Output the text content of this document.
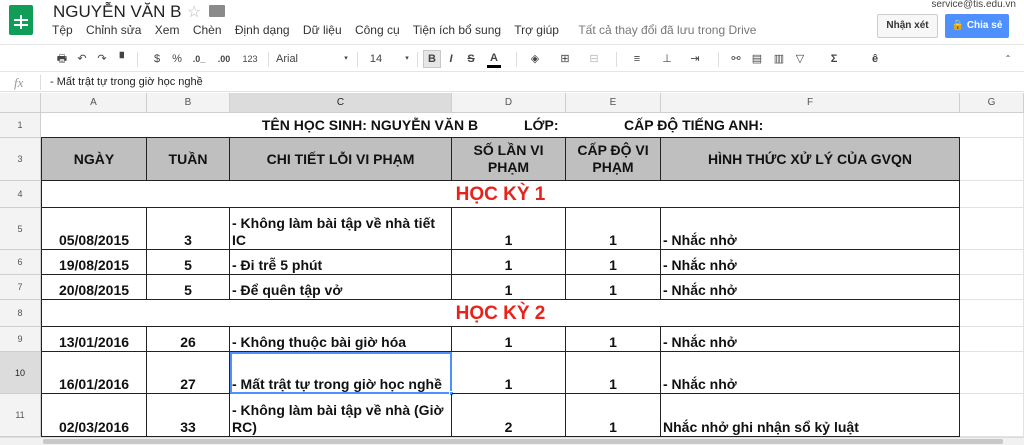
NGUYỄN VĂN B ☆
Tệp Chỉnh sửa Xem Chèn Định dạng Dữ liệu Công cụ Tiện ích bổ sung Trợ giúp Tất cả thay đổi đã lưu trong Drive
service@tis.edu.vn
Nhận xét	🔒 Chia sẻ
🖶 ↶ ↷ ▘ $ %	.0_	.00	123	Arial	▾ 14	▾	B	I	S A	◈ ⊞	⊟	≡	⊥	⇥	⚯	▤ ▥ ▽ Σ	ê	⌃
fx - Mất trật tự trong giờ học nghề
A	B	C	D	E	F	G
1
3
4
5
6
7
8
9
10
11
TÊN HỌC SINH: NGUYỄN VĂN B	LỚP:	CẤP ĐỘ TIẾNG ANH:
NGÀY	TUẦN	CHI TIẾT LỖI VI PHẠM
SỐ LẦN VI PHẠM
CẤP ĐỘ VI PHẠM
HÌNH THỨC XỬ LÝ CỦA GVQN
HỌC KỲ 1
05/08/2015	3
- Không làm bài tập về nhà tiết IC	1	1	- Nhắc nhở
19/08/2015	5	- Đi trễ 5 phút	1	1	- Nhắc nhở
20/08/2015	5	- Để quên tập vở	1	1	- Nhắc nhở
HỌC KỲ 2
13/01/2016	26	- Không thuộc bài giờ hóa	1	1	- Nhắc nhở
16/01/2016	27	- Mất trật tự trong giờ học nghề	1	1	- Nhắc nhở
02/03/2016	33
- Không làm bài tập về nhà (Giờ RC)	2	1	Nhắc nhở ghi nhận sổ kỷ luật
